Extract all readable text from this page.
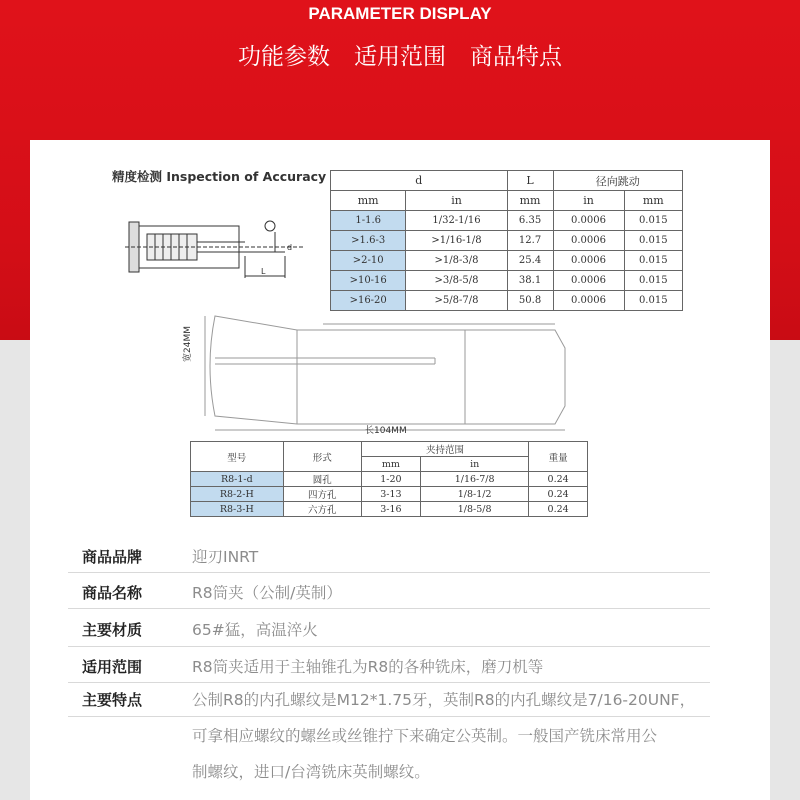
PARAMETER DISPLAY
功能参数 适用范围 商品特点
精度检测 Inspection of Accuracy
d
L
d		L	径向跳动	
mm	in	mm	in	mm
1-1.6	1/32-1/16	6.35	0.0006	0.015
>1.6-3	>1/16-1/8	12.7	0.0006	0.015
>2-10	>1/8-3/8	25.4	0.0006	0.015
>10-16	>3/8-5/8	38.1	0.0006	0.015
>16-20	>5/8-7/8	50.8	0.0006	0.015
宽24MM
长104MM
型号	形式	夹持范围		重量
		mm	in	
R8-1-d	圆孔	1-20	1/16-7/8	0.24
R8-2-H	四方孔	3-13	1/8-1/2	0.24
R8-3-H	六方孔	3-16	1/8-5/8	0.24
商品品牌	迎刃INRT
商品名称	R8筒夹（公制/英制）
主要材质	65#猛，高温淬火
适用范围	R8筒夹适用于主轴锥孔为R8的各种铣床，磨刀机等
主要特点	公制R8的内孔螺纹是M12*1.75牙，英制R8的内孔螺纹是7/16-20UNF，
可拿相应螺纹的螺丝或丝锥拧下来确定公英制。一般国产铣床常用公
制螺纹，进口/台湾铣床英制螺纹。
